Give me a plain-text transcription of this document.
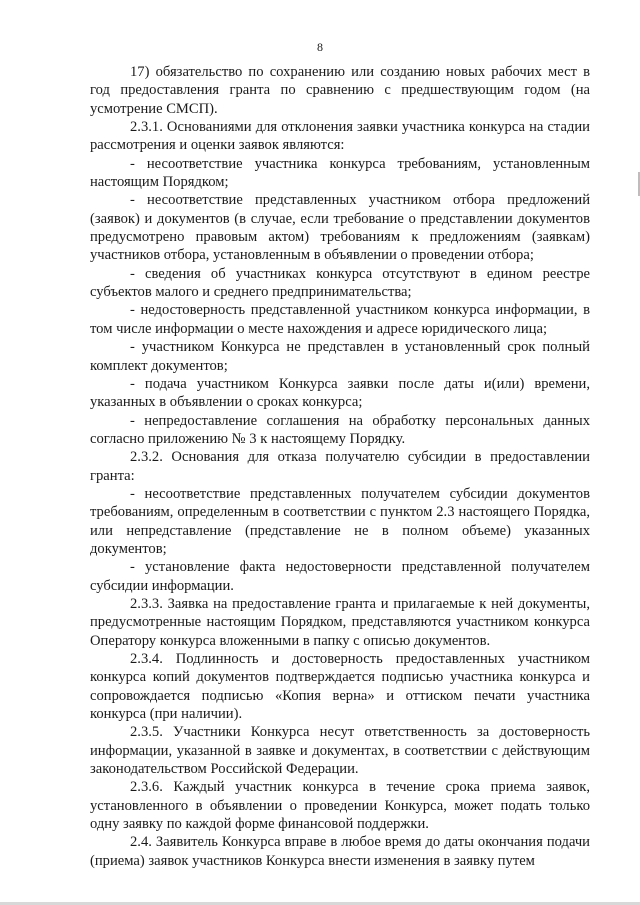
8

17) обязательство по сохранению или созданию новых рабочих мест в год предоставления гранта по сравнению с предшествующим годом (на усмотрение СМСП).

2.3.1. Основаниями для отклонения заявки участника конкурса на стадии рассмотрения и оценки заявок являются:

- несоответствие участника конкурса требованиям, установленным настоящим Порядком;

- несоответствие представленных участником отбора предложений (заявок) и документов (в случае, если требование о представлении документов предусмотрено правовым актом) требованиям к предложениям (заявкам) участников отбора, установленным в объявлении о проведении отбора;

- сведения об участниках конкурса отсутствуют в едином реестре субъектов малого и среднего предпринимательства;

- недостоверность представленной участником конкурса информации, в том числе информации о месте нахождения и адресе юридического лица;

- участником Конкурса не представлен в установленный срок полный комплект документов;

- подача участником Конкурса заявки после даты и(или) времени, указанных в объявлении о сроках конкурса;

- непредоставление соглашения на обработку персональных данных согласно приложению № 3 к настоящему Порядку.

2.3.2. Основания для отказа получателю субсидии в предоставлении гранта:

- несоответствие представленных получателем субсидии документов требованиям, определенным в соответствии с пунктом 2.3 настоящего Порядка, или непредставление (представление не в полном объеме) указанных документов;

- установление факта недостоверности представленной получателем субсидии информации.

2.3.3. Заявка на предоставление гранта и прилагаемые к ней документы, предусмотренные настоящим Порядком, представляются участником конкурса Оператору конкурса вложенными в папку с описью документов.

2.3.4. Подлинность и достоверность предоставленных участником конкурса копий документов подтверждается подписью участника конкурса и сопровождается подписью «Копия верна» и оттиском печати участника конкурса (при наличии).

2.3.5. Участники Конкурса несут ответственность за достоверность информации, указанной в заявке и документах, в соответствии с действующим законодательством Российской Федерации.

2.3.6. Каждый участник конкурса в течение срока приема заявок, установленного в объявлении о проведении Конкурса, может подать только одну заявку по каждой форме финансовой поддержки.

2.4. Заявитель Конкурса вправе в любое время до даты окончания подачи (приема) заявок участников Конкурса внести изменения в заявку путем
